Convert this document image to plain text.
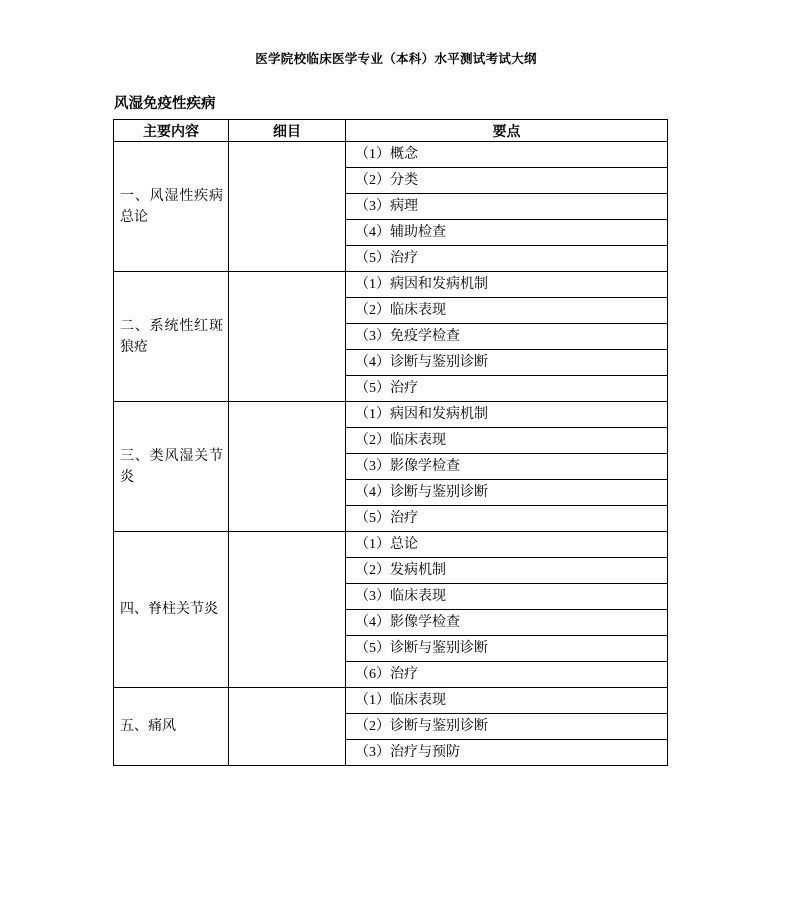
医学院校临床医学专业（本科）水平测试考试大纲
风湿免疫性疾病
主要内容	细目	要点
一、风湿性疾病总论		（1）概念
		（2）分类
		（3）病理
		（4）辅助检查
		（5）治疗
二、系统性红斑狼疮		（1）病因和发病机制
		（2）临床表现
		（3）免疫学检查
		（4）诊断与鉴别诊断
		（5）治疗
三、类风湿关节炎		（1）病因和发病机制
		（2）临床表现
		（3）影像学检查
		（4）诊断与鉴别诊断
		（5）治疗
四、脊柱关节炎		（1）总论
		（2）发病机制
		（3）临床表现
		（4）影像学检查
		（5）诊断与鉴别诊断
		（6）治疗
五、痛风		（1）临床表现
		（2）诊断与鉴别诊断
		（3）治疗与预防
